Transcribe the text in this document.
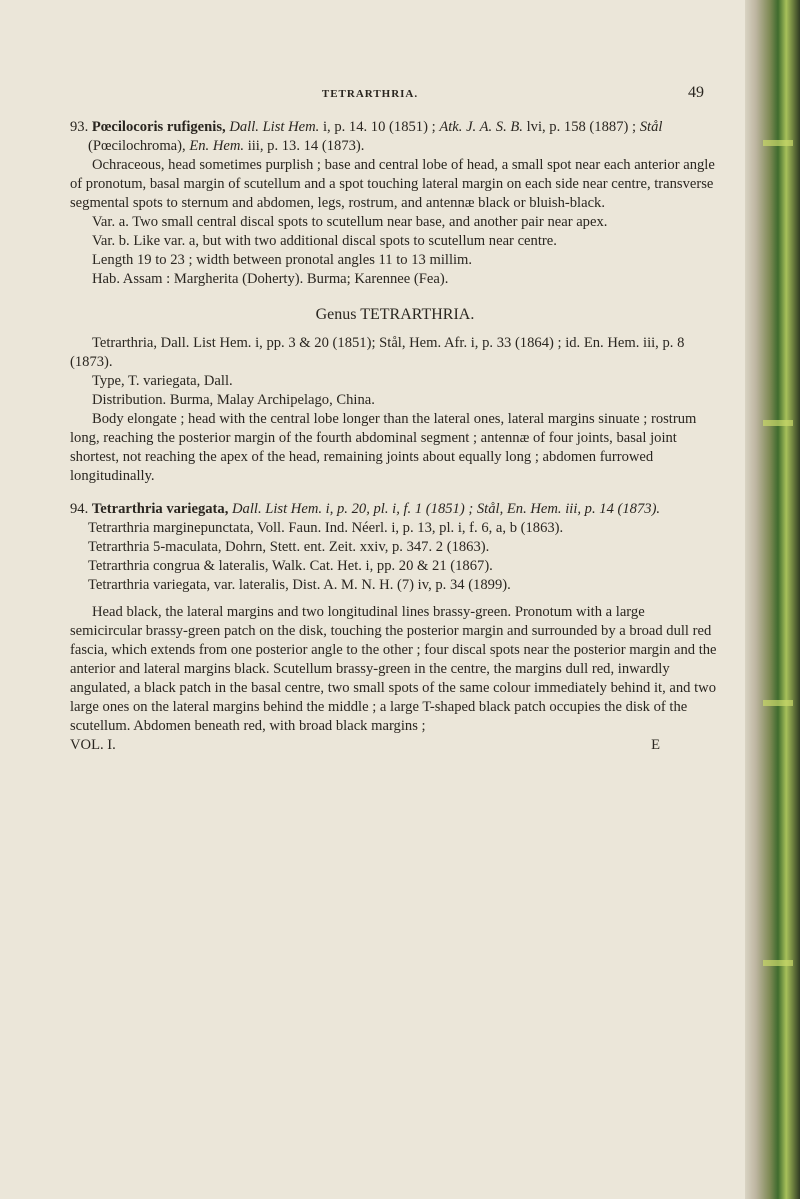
TETRARTHRIA.	49

93. Pœcilocoris rufigenis, Dall. List Hem. i, p. 14. 10 (1851) ; Atk. J. A. S. B. lvi, p. 158 (1887) ; Stål (Pœcilochroma), En. Hem. iii, p. 13. 14 (1873).

Ochraceous, head sometimes purplish ; base and central lobe of head, a small spot near each anterior angle of pronotum, basal margin of scutellum and a spot touching lateral margin on each side near centre, transverse segmental spots to sternum and abdomen, legs, rostrum, and antennæ black or bluish-black.

Var. a. Two small central discal spots to scutellum near base, and another pair near apex.

Var. b. Like var. a, but with two additional discal spots to scutellum near centre.

Length 19 to 23 ; width between pronotal angles 11 to 13 millim.

Hab. Assam : Margherita (Doherty). Burma; Karennee (Fea).

Genus TETRARTHRIA.

Tetrarthria, Dall. List Hem. i, pp. 3 & 20 (1851); Stål, Hem. Afr. i, p. 33 (1864) ; id. En. Hem. iii, p. 8 (1873).

Type, T. variegata, Dall.

Distribution. Burma, Malay Archipelago, China.

Body elongate ; head with the central lobe longer than the lateral ones, lateral margins sinuate ; rostrum long, reaching the posterior margin of the fourth abdominal segment ; antennæ of four joints, basal joint shortest, not reaching the apex of the head, remaining joints about equally long ; abdomen furrowed longitudinally.

94. Tetrarthria variegata, Dall. List Hem. i, p. 20, pl. i, f. 1 (1851) ; Stål, En. Hem. iii, p. 14 (1873).

Tetrarthria marginepunctata, Voll. Faun. Ind. Néerl. i, p. 13, pl. i, f. 6, a, b (1863).

Tetrarthria 5-maculata, Dohrn, Stett. ent. Zeit. xxiv, p. 347. 2 (1863).

Tetrarthria congrua & lateralis, Walk. Cat. Het. i, pp. 20 & 21 (1867).

Tetrarthria variegata, var. lateralis, Dist. A. M. N. H. (7) iv, p. 34 (1899).

Head black, the lateral margins and two longitudinal lines brassy-green. Pronotum with a large semicircular brassy-green patch on the disk, touching the posterior margin and surrounded by a broad dull red fascia, which extends from one posterior angle to the other ; four discal spots near the posterior margin and the anterior and lateral margins black. Scutellum brassy-green in the centre, the margins dull red, inwardly angulated, a black patch in the basal centre, two small spots of the same colour immediately behind it, and two large ones on the lateral margins behind the middle ; a large T-shaped black patch occupies the disk of the scutellum. Abdomen beneath red, with broad black margins ;

VOL. I.	E
